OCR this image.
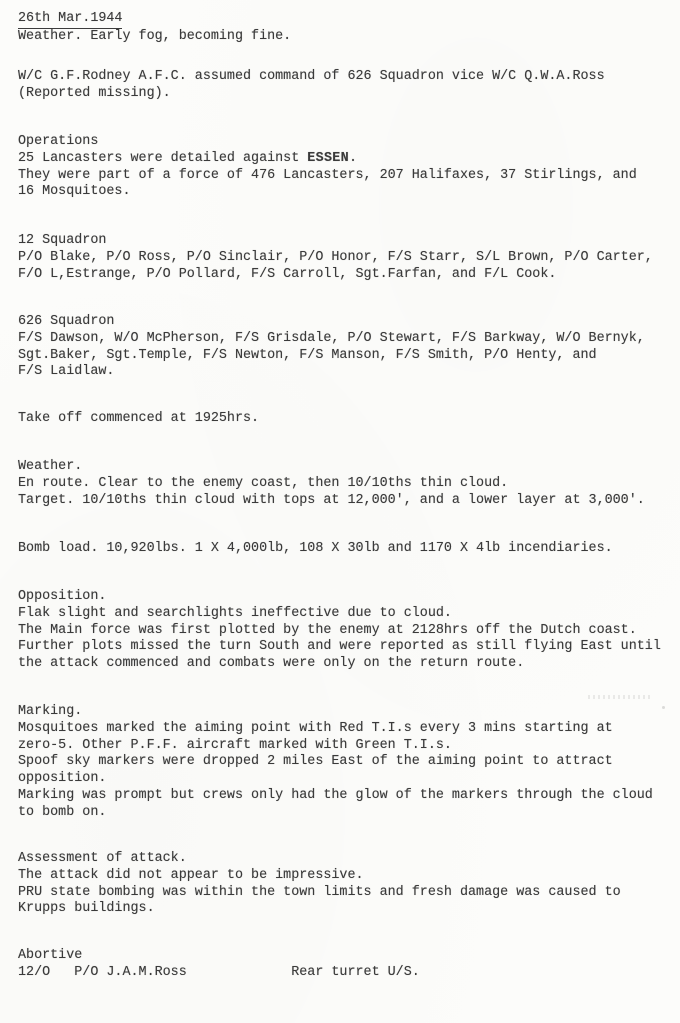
26th Mar.1944
Weather. Early fog, becoming fine.
W/C G.F.Rodney A.F.C. assumed command of 626 Squadron vice W/C Q.W.A.Ross
(Reported missing).
Operations
25 Lancasters were detailed against ESSEN.
They were part of a force of 476 Lancasters, 207 Halifaxes, 37 Stirlings, and
16 Mosquitoes.
12 Squadron
P/O Blake, P/O Ross, P/O Sinclair, P/O Honor, F/S Starr, S/L Brown, P/O Carter,
F/O L,Estrange, P/O Pollard, F/S Carroll, Sgt.Farfan, and F/L Cook.
626 Squadron
F/S Dawson, W/O McPherson, F/S Grisdale, P/O Stewart, F/S Barkway, W/O Bernyk,
Sgt.Baker, Sgt.Temple, F/S Newton, F/S Manson, F/S Smith, P/O Henty, and
F/S Laidlaw.
Take off commenced at 1925hrs.
Weather.
En route. Clear to the enemy coast, then 10/10ths thin cloud.
Target. 10/10ths thin cloud with tops at 12,000', and a lower layer at 3,000'.
Bomb load. 10,920lbs. 1 X 4,000lb, 108 X 30lb and 1170 X 4lb incendiaries.
Opposition.
Flak slight and searchlights ineffective due to cloud.
The Main force was first plotted by the enemy at 2128hrs off the Dutch coast.
Further plots missed the turn South and were reported as still flying East until
the attack commenced and combats were only on the return route.
Marking.
Mosquitoes marked the aiming point with Red T.I.s every 3 mins starting at
zero-5. Other P.F.F. aircraft marked with Green T.I.s.
Spoof sky markers were dropped 2 miles East of the aiming point to attract
opposition.
Marking was prompt but crews only had the glow of the markers through the cloud
to bomb on.
Assessment of attack.
The attack did not appear to be impressive.
PRU state bombing was within the town limits and fresh damage was caused to
Krupps buildings.
Abortive
12/O   P/O J.A.M.Ross             Rear turret U/S.
